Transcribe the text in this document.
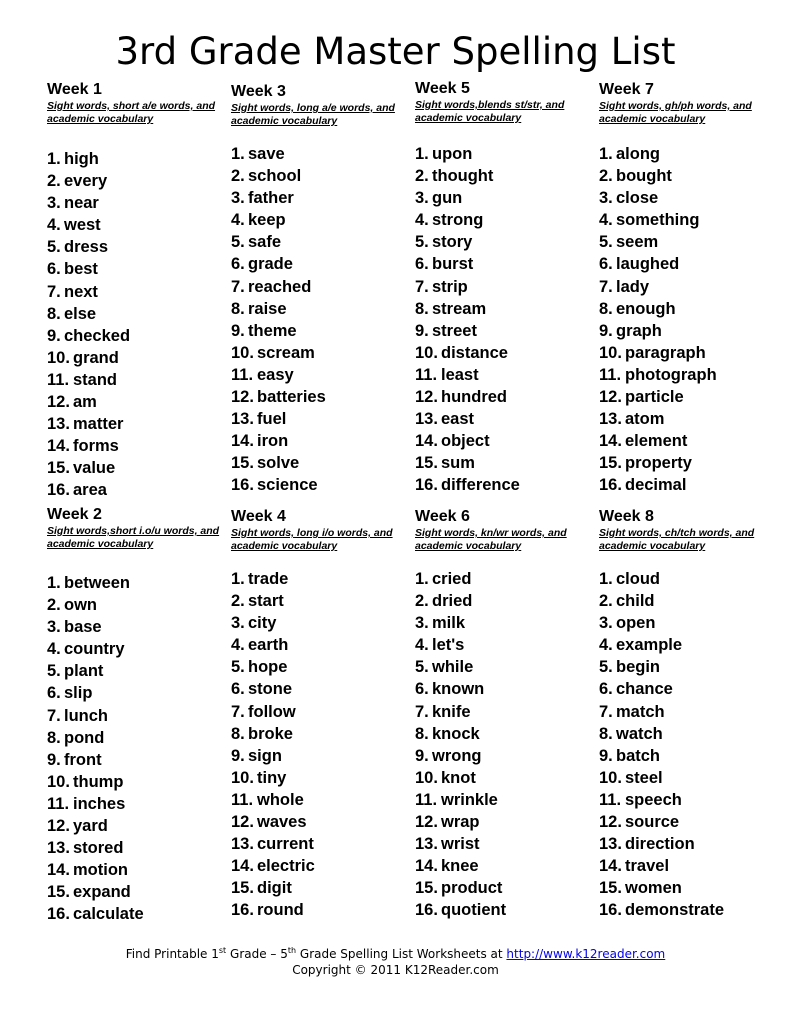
3rd Grade Master Spelling List
Week 1
Sight words, short a/e words, and academic vocabulary
1. high
2. every
3. near
4. west
5. dress
6. best
7. next
8. else
9. checked
10. grand
11. stand
12. am
13. matter
14. forms
15. value
16. area
Week 2
Sight words,short i.o/u words, and academic vocabulary
1. between
2. own
3. base
4. country
5. plant
6. slip
7. lunch
8. pond
9. front
10. thump
11. inches
12. yard
13. stored
14. motion
15. expand
16. calculate
Week 3
Sight words, long a/e words, and academic vocabulary
1. save
2. school
3. father
4. keep
5. safe
6. grade
7. reached
8. raise
9. theme
10. scream
11. easy
12. batteries
13. fuel
14. iron
15. solve
16. science
Week 4
Sight words, long i/o words, and academic vocabulary
1. trade
2. start
3. city
4. earth
5. hope
6. stone
7. follow
8. broke
9. sign
10. tiny
11. whole
12. waves
13. current
14. electric
15. digit
16. round
Week 5
Sight words,blends st/str, and academic vocabulary
1. upon
2. thought
3. gun
4. strong
5. story
6. burst
7. strip
8. stream
9. street
10. distance
11. least
12. hundred
13. east
14. object
15. sum
16. difference
Week 6
Sight words, kn/wr words, and academic vocabulary
1. cried
2. dried
3. milk
4. let's
5. while
6. known
7. knife
8. knock
9. wrong
10. knot
11. wrinkle
12. wrap
13. wrist
14. knee
15. product
16. quotient
Week 7
Sight words, gh/ph words, and academic vocabulary
1. along
2. bought
3. close
4. something
5. seem
6. laughed
7. lady
8. enough
9. graph
10. paragraph
11. photograph
12. particle
13. atom
14. element
15. property
16. decimal
Week 8
Sight words, ch/tch words, and academic vocabulary
1. cloud
2. child
3. open
4. example
5. begin
6. chance
7. match
8. watch
9. batch
10. steel
11. speech
12. source
13. direction
14. travel
15. women
16. demonstrate
Find Printable 1st Grade – 5th Grade Spelling List Worksheets at http://www.k12reader.com
Copyright © 2011 K12Reader.com
